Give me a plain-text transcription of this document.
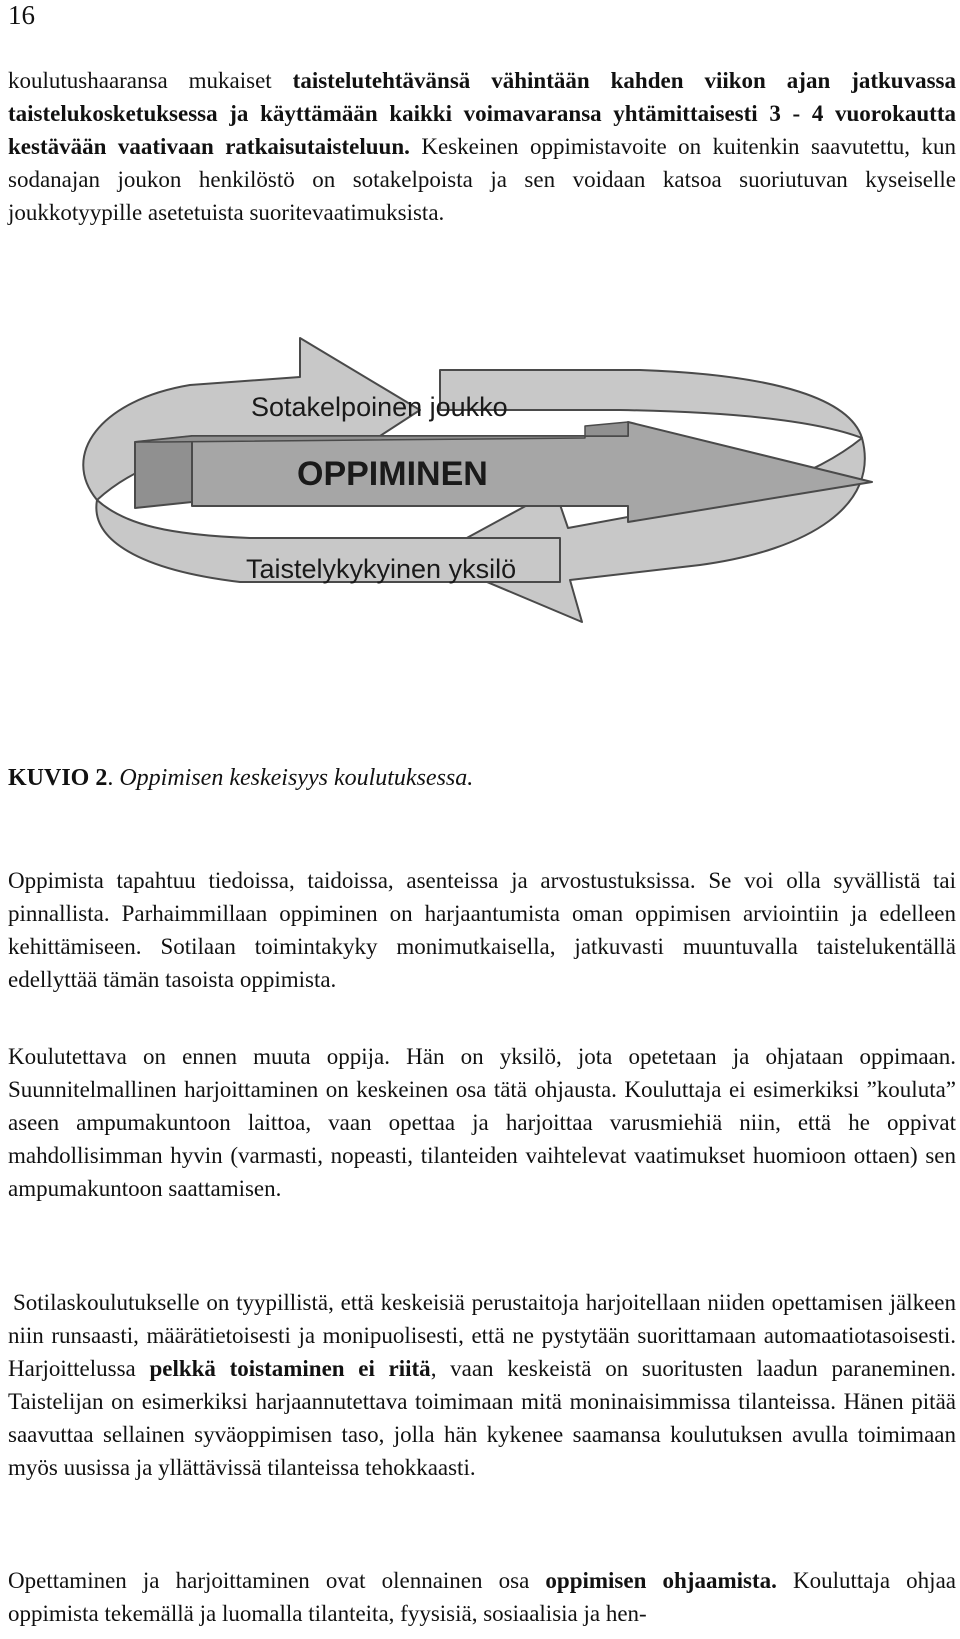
16

koulutushaaransa mukaiset taistelutehtävänsä vähintään kahden viikon ajan jatkuvassa taistelukosketuksessa ja käyttämään kaikki voimavaransa yhtämittaisesti 3 - 4 vuorokautta kestävään vaativaan ratkaisutaisteluun. Keskeinen oppimistavoite on kuitenkin saavutettu, kun sodanajan joukon henkilöstö on sotakelpoista ja sen voidaan katsoa suoriutuvan kyseiselle joukkotyypille asetetuista suoritevaatimuksista.

Sotakelpoinen joukko
OPPIMINEN
Taistelykykyinen yksilö
KUVIO 2. Oppimisen keskeisyys koulutuksessa.

Oppimista tapahtuu tiedoissa, taidoissa, asenteissa ja arvostustuksissa. Se voi olla syvällistä tai pinnallista. Parhaimmillaan oppiminen on harjaantumista oman oppimisen arviointiin ja edelleen kehittämiseen. Sotilaan toimintakyky monimutkaisella, jatkuvasti muuntuvalla taistelukentällä edellyttää tämän tasoista oppimista.

Koulutettava on ennen muuta oppija. Hän on yksilö, jota opetetaan ja ohjataan oppimaan. Suunnitelmallinen harjoittaminen on keskeinen osa tätä ohjausta. Kouluttaja ei esimerkiksi ”kouluta” aseen ampumakuntoon laittoa, vaan opettaa ja harjoittaa varusmiehiä niin, että he oppivat mahdollisimman hyvin (varmasti, nopeasti, tilanteiden vaihtelevat vaatimukset huomioon ottaen) sen ampumakuntoon saattamisen.

Sotilaskoulutukselle on tyypillistä, että keskeisiä perustaitoja harjoitellaan niiden opettamisen jälkeen niin runsaasti, määrätietoisesti ja monipuolisesti, että ne pystytään suorittamaan automaatiotasoisesti. Harjoittelussa pelkkä toistaminen ei riitä, vaan keskeistä on suoritusten laadun paraneminen. Taistelijan on esimerkiksi harjaannutettava toimimaan mitä moninaisimmissa tilanteissa. Hänen pitää saavuttaa sellainen syväoppimisen taso, jolla hän kykenee saamansa koulutuksen avulla toimimaan myös uusissa ja yllättävissä tilanteissa tehokkaasti.

Opettaminen ja harjoittaminen ovat olennainen osa oppimisen ohjaamista. Kouluttaja ohjaa oppimista tekemällä ja luomalla tilanteita, fyysisiä, sosiaalisia ja hen-
